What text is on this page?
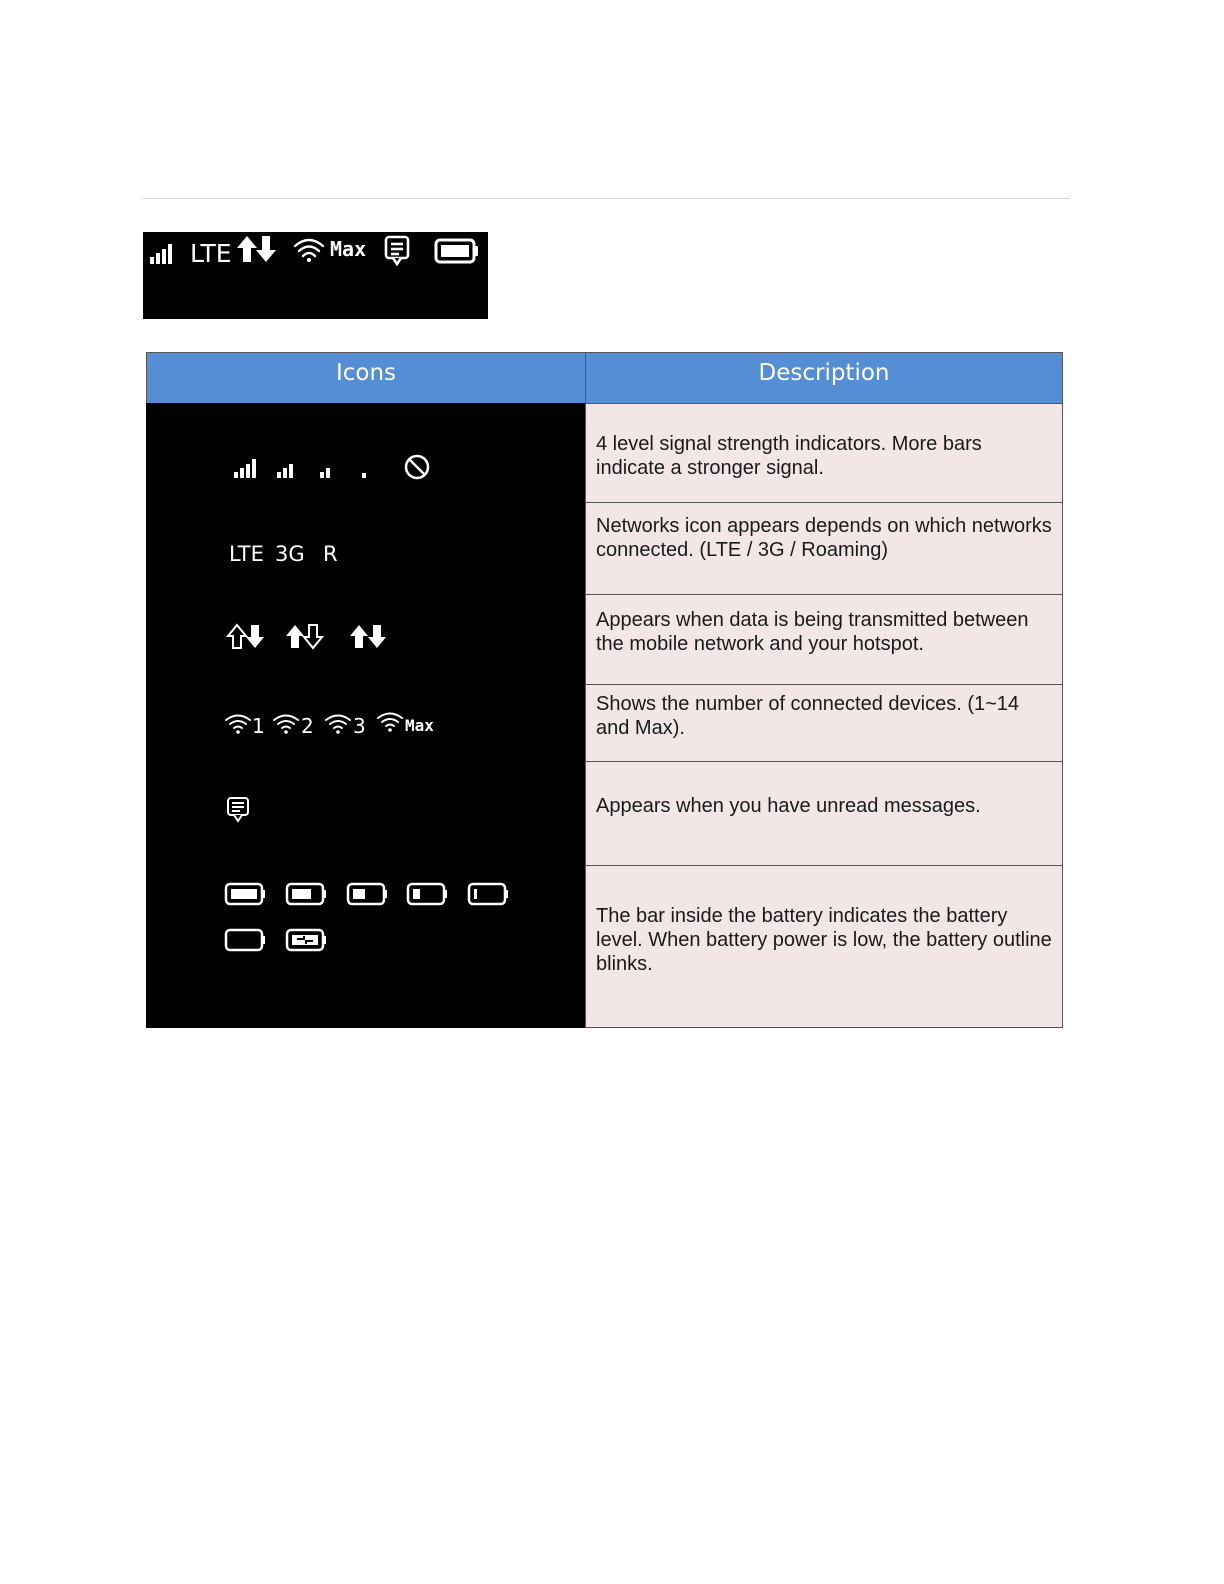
LTE	Max
Icons	Description
LTE 3G R
1 2 3 Max
4 level signal strength indicators. More bars indicate a stronger signal.
Networks icon appears depends on which networks connected. (LTE / 3G / Roaming)
Appears when data is being transmitted between the mobile network and your hotspot.
Shows the number of connected devices. (1~14 and Max).
Appears when you have unread messages.
The bar inside the battery indicates the battery level. When battery power is low, the battery outline blinks.
